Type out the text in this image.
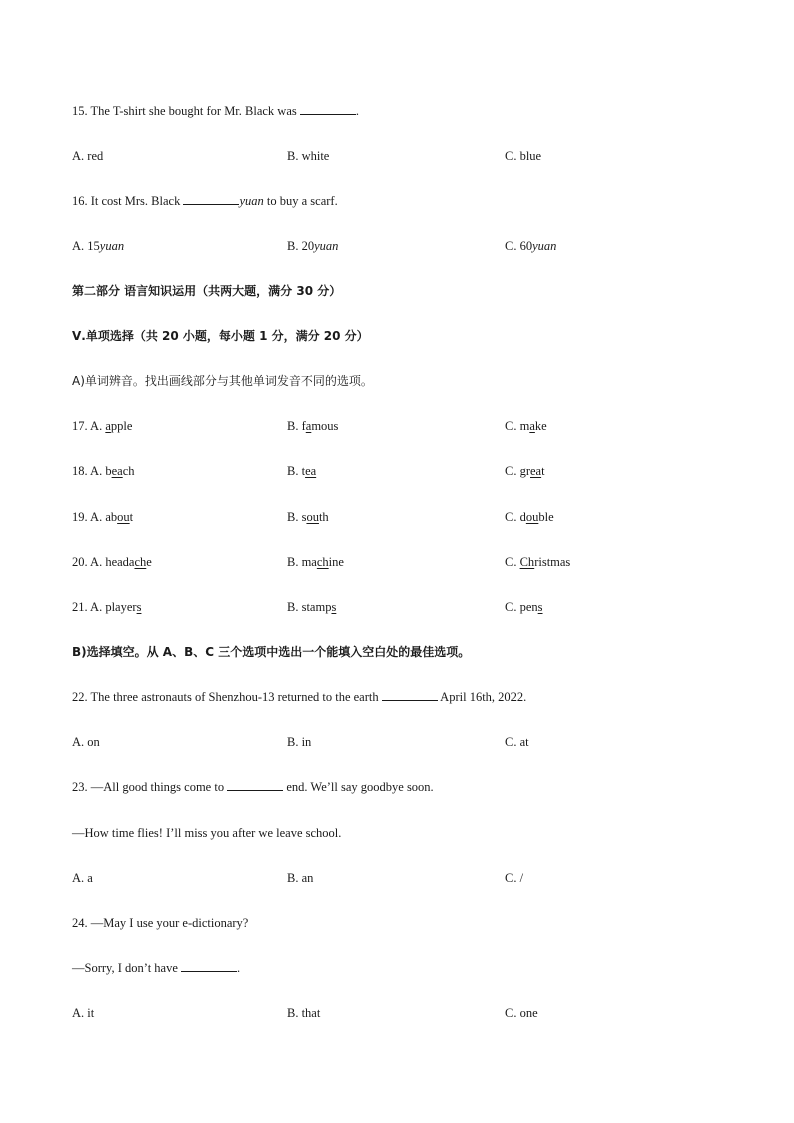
15. The T-shirt she bought for Mr. Black was	.
A. red	B. white	C. blue
16. It cost Mrs. Black	yuan to buy a scarf.
A. 15yuan	B. 20yuan	C. 60yuan
第二部分 语言知识运用（共两大题，满分 30 分）
Ⅴ.单项选择（共 20 小题，每小题 1 分，满分 20 分）
A)单词辨音。找出画线部分与其他单词发音不同的选项。
17. A. apple	B. famous	C. make
18. A. beach	B. tea	C. great
19. A. about	B. south	C. double
20. A. headache	B. machine	C. Christmas
21. A. players	B. stamps	C. pens
B)选择填空。从 A、B、C 三个选项中选出一个能填入空白处的最佳选项。
22. The three astronauts of Shenzhou-13 returned to the earth	April 16th, 2022.
A. on	B. in	C. at
23. —All good things come to	end. We’ll say goodbye soon.
—How time flies! I’ll miss you after we leave school.
A. a	B. an	C. /
24. —May I use your e-dictionary?
—Sorry, I don’t have	.
A. it	B. that	C. one
